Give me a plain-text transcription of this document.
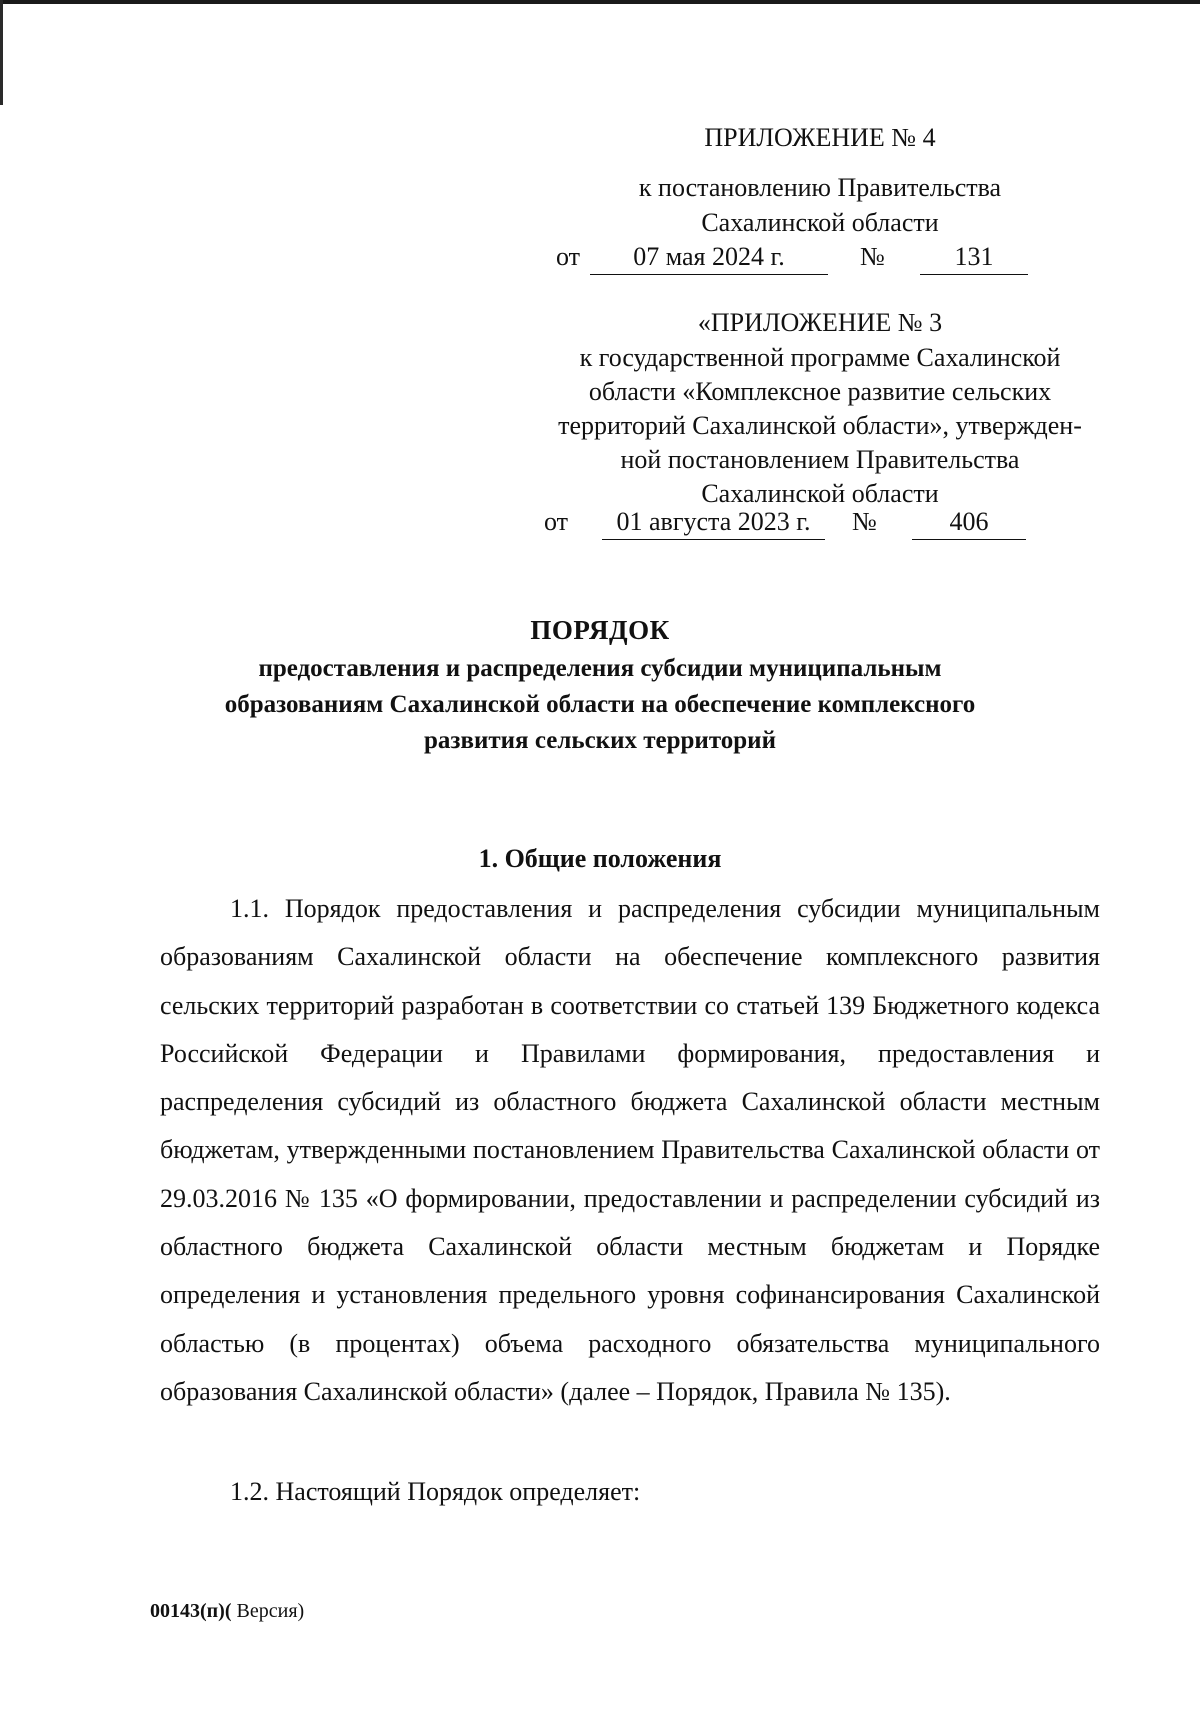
ПРИЛОЖЕНИЕ № 4
к постановлению Правительства
Сахалинской области
от	07 мая 2024 г.	№	131
«ПРИЛОЖЕНИЕ № 3
к государственной программе Сахалинской
области «Комплексное развитие сельских
территорий Сахалинской области», утвержден-
ной постановлением Правительства
Сахалинской области
от	01 августа 2023 г.	№	406
ПОРЯДОК
предоставления и распределения субсидии муниципальным
образованиям Сахалинской области на обеспечение комплексного
развития сельских территорий
1. Общие положения
1.1. Порядок предоставления и распределения субсидии муниципальным образованиям Сахалинской области на обеспечение комплексного развития сельских территорий разработан в соответствии со статьей 139 Бюджетного кодекса Российской Федерации и Правилами формирования, предоставления и распределения субсидий из областного бюджета Сахалинской области местным бюджетам, утвержденными постановлением Правительства Сахалинской области от 29.03.2016 № 135 «О формировании, предоставлении и распределении субсидий из областного бюджета Сахалинской области местным бюджетам и Порядке определения и установления предельного уровня софинансирования Сахалинской областью (в процентах) объема расходного обязательства муниципального образования Сахалинской области» (далее – Порядок, Правила № 135).
1.2. Настоящий Порядок определяет:
00143(п)( Версия)
